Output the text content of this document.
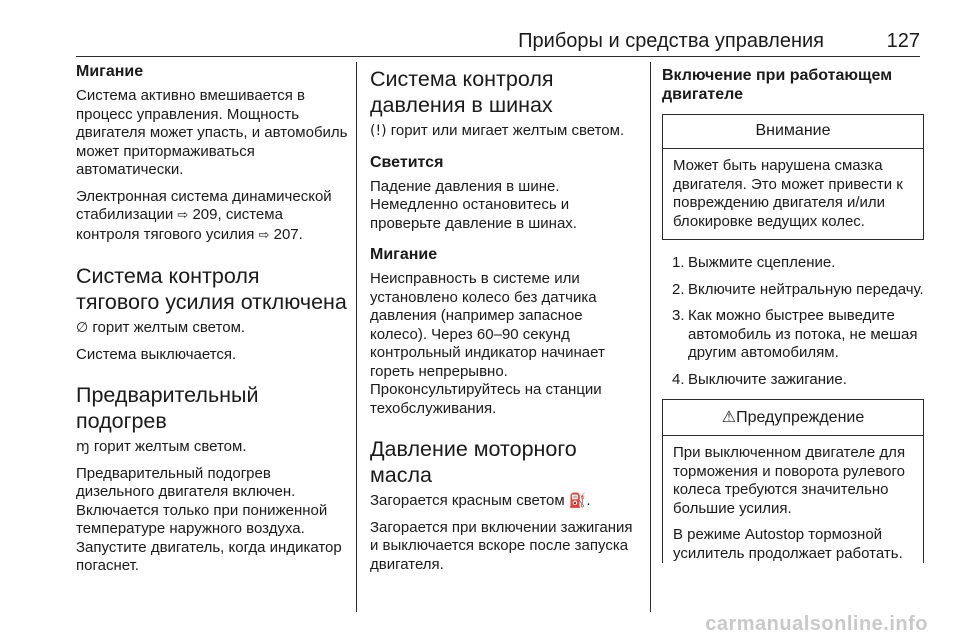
Приборы и средства управления	127
Мигание

Система активно вмешивается в процесс управления. Мощность двигателя может упасть, и автомобиль может притормаживаться автоматически.

Электронная система динамической стабилизации ⇨ 209, система контроля тягового усилия ⇨ 207.

Система контроля тягового усилия отключена

∅ горит желтым светом.

Система выключается.

Предварительный подогрев

ɱ горит желтым светом.

Предварительный подогрев дизельного двигателя включен. Включается только при пониженной температуре наружного воздуха. Запустите двигатель, когда индикатор погаснет.

Система контроля давления в шинах

(!) горит или мигает желтым светом.

Светится

Падение давления в шине. Немедленно остановитесь и проверьте давление в шинах.

Мигание

Неисправность в системе или установлено колесо без датчика давления (например запасное колесо). Через 60–90 секунд контрольный индикатор начинает гореть непрерывно. Проконсультируйтесь на станции техобслуживания.

Давление моторного масла

Загорается красным светом ⛽.

Загорается при включении зажигания и выключается вскоре после запуска двигателя.

Включение при работающем двигателе
Внимание

Может быть нарушена смазка двигателя. Это может привести к повреждению двигателя и/или блокировке ведущих колес.

1. Выжмите сцепление.
2. Включите нейтральную передачу.
3. Как можно быстрее выведите автомобиль из потока, не мешая другим автомобилям.
4. Выключите зажигание.
⚠Предупреждение

При выключенном двигателе для торможения и поворота рулевого колеса требуются значительно большие усилия.

В режиме Autostop тормозной усилитель продолжает работать.

carmanualsonline.info
